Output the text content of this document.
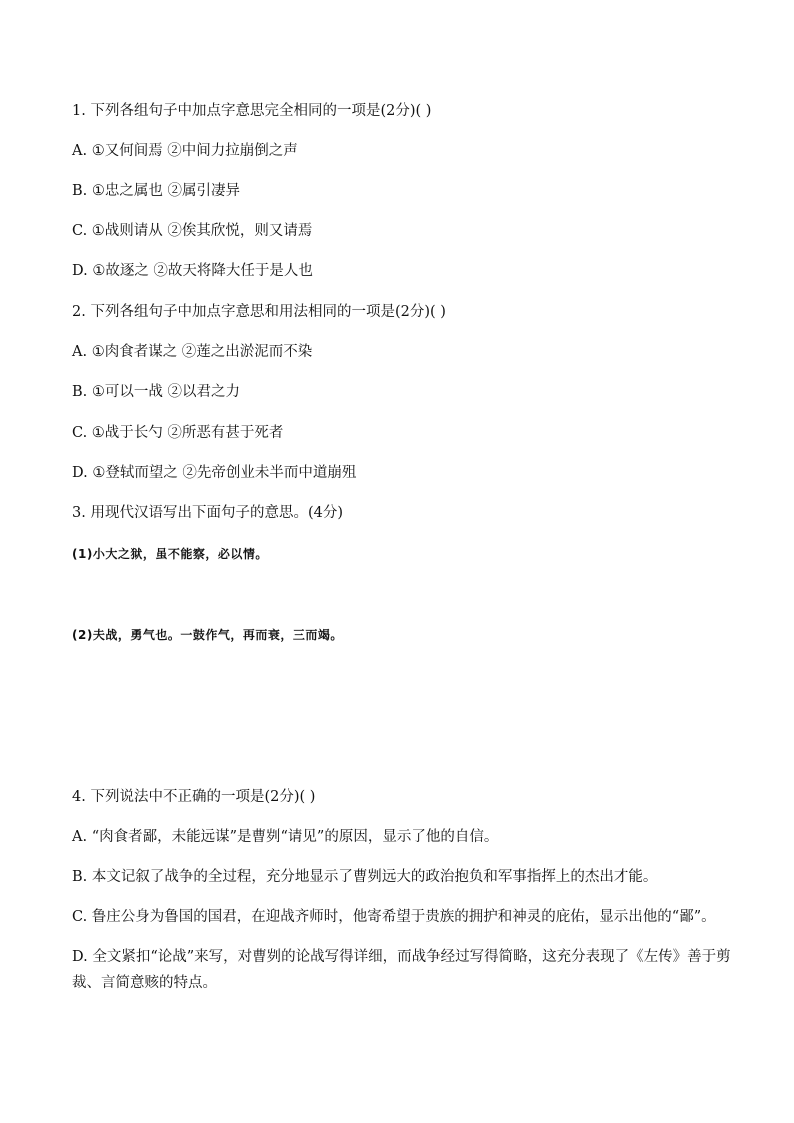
1. 下列各组句子中加点字意思完全相同的一项是(2分)( )
A. ①又何间焉 ②中间力拉崩倒之声
B. ①忠之属也 ②属引凄异
C. ①战则请从 ②俟其欣悦，则又请焉
D. ①故逐之 ②故天将降大任于是人也
2. 下列各组句子中加点字意思和用法相同的一项是(2分)( )
A. ①肉食者谋之 ②莲之出淤泥而不染
B. ①可以一战 ②以君之力
C. ①战于长勺 ②所恶有甚于死者
D. ①登轼而望之 ②先帝创业未半而中道崩殂
3. 用现代汉语写出下面句子的意思。(4分)
(1)小大之狱，虽不能察，必以情。
(2)夫战，勇气也。一鼓作气，再而衰，三而竭。
4. 下列说法中不正确的一项是(2分)( )
A. “肉食者鄙，未能远谋”是曹刿“请见”的原因，显示了他的自信。
B. 本文记叙了战争的全过程，充分地显示了曹刿远大的政治抱负和军事指挥上的杰出才能。
C. 鲁庄公身为鲁国的国君，在迎战齐师时，他寄希望于贵族的拥护和神灵的庇佑，显示出他的“鄙”。
D. 全文紧扣“论战”来写，对曹刿的论战写得详细，而战争经过写得简略，这充分表现了《左传》善于剪裁、言简意赅的特点。
